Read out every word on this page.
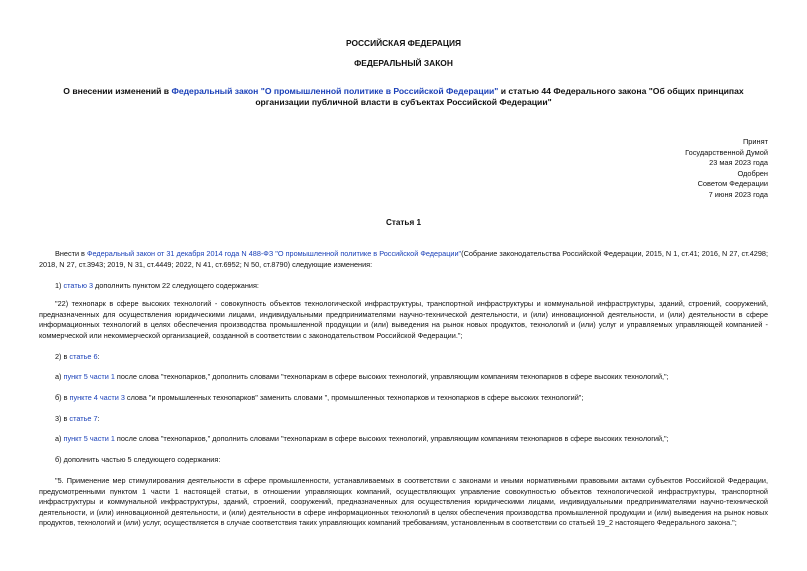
РОССИЙСКАЯ ФЕДЕРАЦИЯ
ФЕДЕРАЛЬНЫЙ ЗАКОН
О внесении изменений в Федеральный закон "О промышленной политике в Российской Федерации" и статью 44 Федерального закона "Об общих принципах организации публичной власти в субъектах Российской Федерации"
Принят
Государственной Думой
23 мая 2023 года
Одобрен
Советом Федерации
7 июня 2023 года
Статья 1
Внести в Федеральный закон от 31 декабря 2014 года N 488-ФЗ "О промышленной политике в Российской Федерации"(Собрание законодательства Российской Федерации, 2015, N 1, ст.41; 2016, N 27, ст.4298; 2018, N 27, ст.3943; 2019, N 31, ст.4449; 2022, N 41, ст.6952; N 50, ст.8790) следующие изменения:
1) статью 3 дополнить пунктом 22 следующего содержания:
"22) технопарк в сфере высоких технологий - совокупность объектов технологической инфраструктуры, транспортной инфраструктуры и коммунальной инфраструктуры, зданий, строений, сооружений, предназначенных для осуществления юридическими лицами, индивидуальными предпринимателями научно-технической деятельности, и (или) инновационной деятельности, и (или) деятельности в сфере информационных технологий в целях обеспечения производства промышленной продукции и (или) выведения на рынок новых продуктов, технологий и (или) услуг и управляемых управляющей компанией - коммерческой или некоммерческой организацией, созданной в соответствии с законодательством Российской Федерации.";
2) в статье 6:
а) пункт 5 части 1 после слова "технопарков," дополнить словами "технопаркам в сфере высоких технологий, управляющим компаниям технопарков в сфере высоких технологий,";
б) в пункте 4 части 3 слова "и промышленных технопарков" заменить словами ", промышленных технопарков и технопарков в сфере высоких технологий";
3) в статье 7:
а) пункт 5 части 1 после слова "технопарков," дополнить словами "технопаркам в сфере высоких технологий, управляющим компаниям технопарков в сфере высоких технологий,";
б) дополнить частью 5 следующего содержания:
"5. Применение мер стимулирования деятельности в сфере промышленности, устанавливаемых в соответствии с законами и иными нормативными правовыми актами субъектов Российской Федерации, предусмотренными пунктом 1 части 1 настоящей статьи, в отношении управляющих компаний, осуществляющих управление совокупностью объектов технологической инфраструктуры, транспортной инфраструктуры и коммунальной инфраструктуры, зданий, строений, сооружений, предназначенных для осуществления юридическими лицами, индивидуальными предпринимателями научно-технической деятельности, и (или) инновационной деятельности, и (или) деятельности в сфере информационных технологий в целях обеспечения производства промышленной продукции и (или) выведения на рынок новых продуктов, технологий и (или) услуг, осуществляется в случае соответствия таких управляющих компаний требованиям, установленным в соответствии со статьей 19_2 настоящего Федерального закона.";
